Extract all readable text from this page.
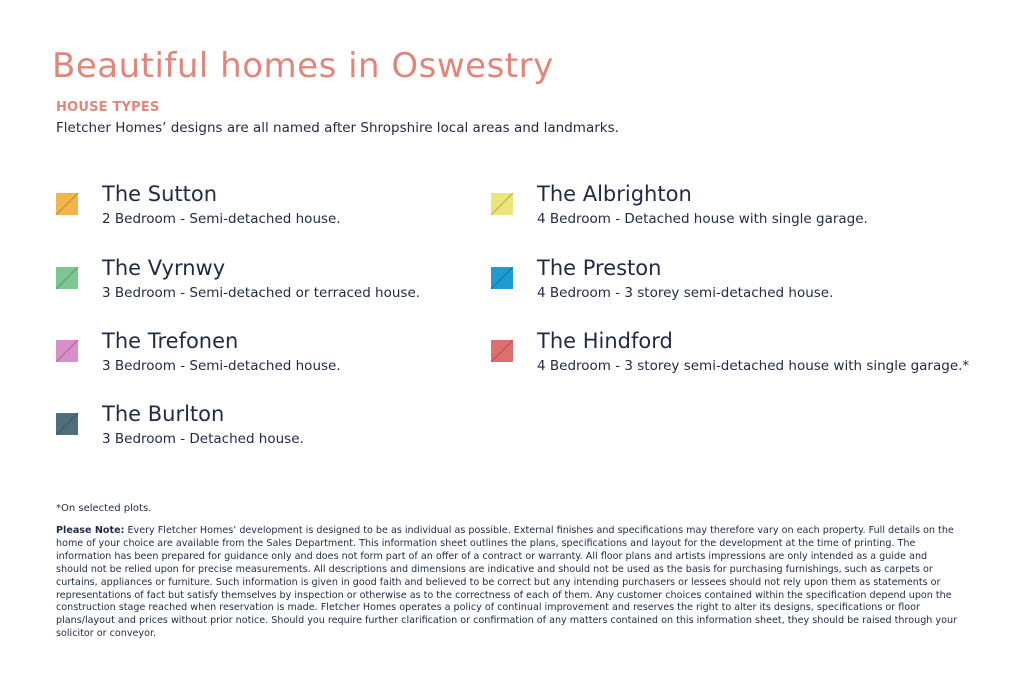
Beautiful homes in Oswestry
HOUSE TYPES
Fletcher Homes’ designs are all named after Shropshire local areas and landmarks.
The Sutton
2 Bedroom - Semi-detached house.
The Vyrnwy
3 Bedroom - Semi-detached or terraced house.
The Trefonen
3 Bedroom - Semi-detached house.
The Burlton
3 Bedroom - Detached house.
The Albrighton
4 Bedroom - Detached house with single garage.
The Preston
4 Bedroom - 3 storey semi-detached house.
The Hindford
4 Bedroom - 3 storey semi-detached house with single garage.*
*On selected plots.
Please Note: Every Fletcher Homes’ development is designed to be as individual as possible. External finishes and specifications may therefore vary on each property. Full details on the home of your choice are available from the Sales Department. This information sheet outlines the plans, specifications and layout for the development at the time of printing. The information has been prepared for guidance only and does not form part of an offer of a contract or warranty. All floor plans and artists impressions are only intended as a guide and should not be relied upon for precise measurements. All descriptions and dimensions are indicative and should not be used as the basis for purchasing furnishings, such as carpets or curtains, appliances or furniture. Such information is given in good faith and believed to be correct but any intending purchasers or lessees should not rely upon them as statements or representations of fact but satisfy themselves by inspection or otherwise as to the correctness of each of them. Any customer choices contained within the specification depend upon the construction stage reached when reservation is made. Fletcher Homes operates a policy of continual improvement and reserves the right to alter its designs, specifications or floor plans/layout and prices without prior notice. Should you require further clarification or confirmation of any matters contained on this information sheet, they should be raised through your solicitor or conveyor.
